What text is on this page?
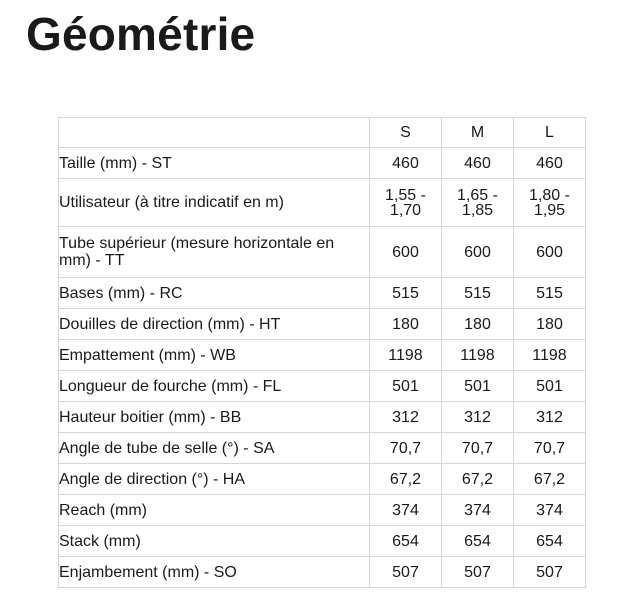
Géométrie
	S	M	L
Taille (mm) - ST	460	460	460
Utilisateur (à titre indicatif en m)	1,55 - 1,70	1,65 - 1,85	1,80 - 1,95
Tube supérieur (mesure horizontale en mm) - TT	600	600	600
Bases (mm) - RC	515	515	515
Douilles de direction (mm) - HT	180	180	180
Empattement (mm) - WB	1198	1198	1198
Longueur de fourche (mm) - FL	501	501	501
Hauteur boitier (mm) - BB	312	312	312
Angle de tube de selle (°) - SA	70,7	70,7	70,7
Angle de direction (°) - HA	67,2	67,2	67,2
Reach (mm)	374	374	374
Stack (mm)	654	654	654
Enjambement (mm) - SO	507	507	507
